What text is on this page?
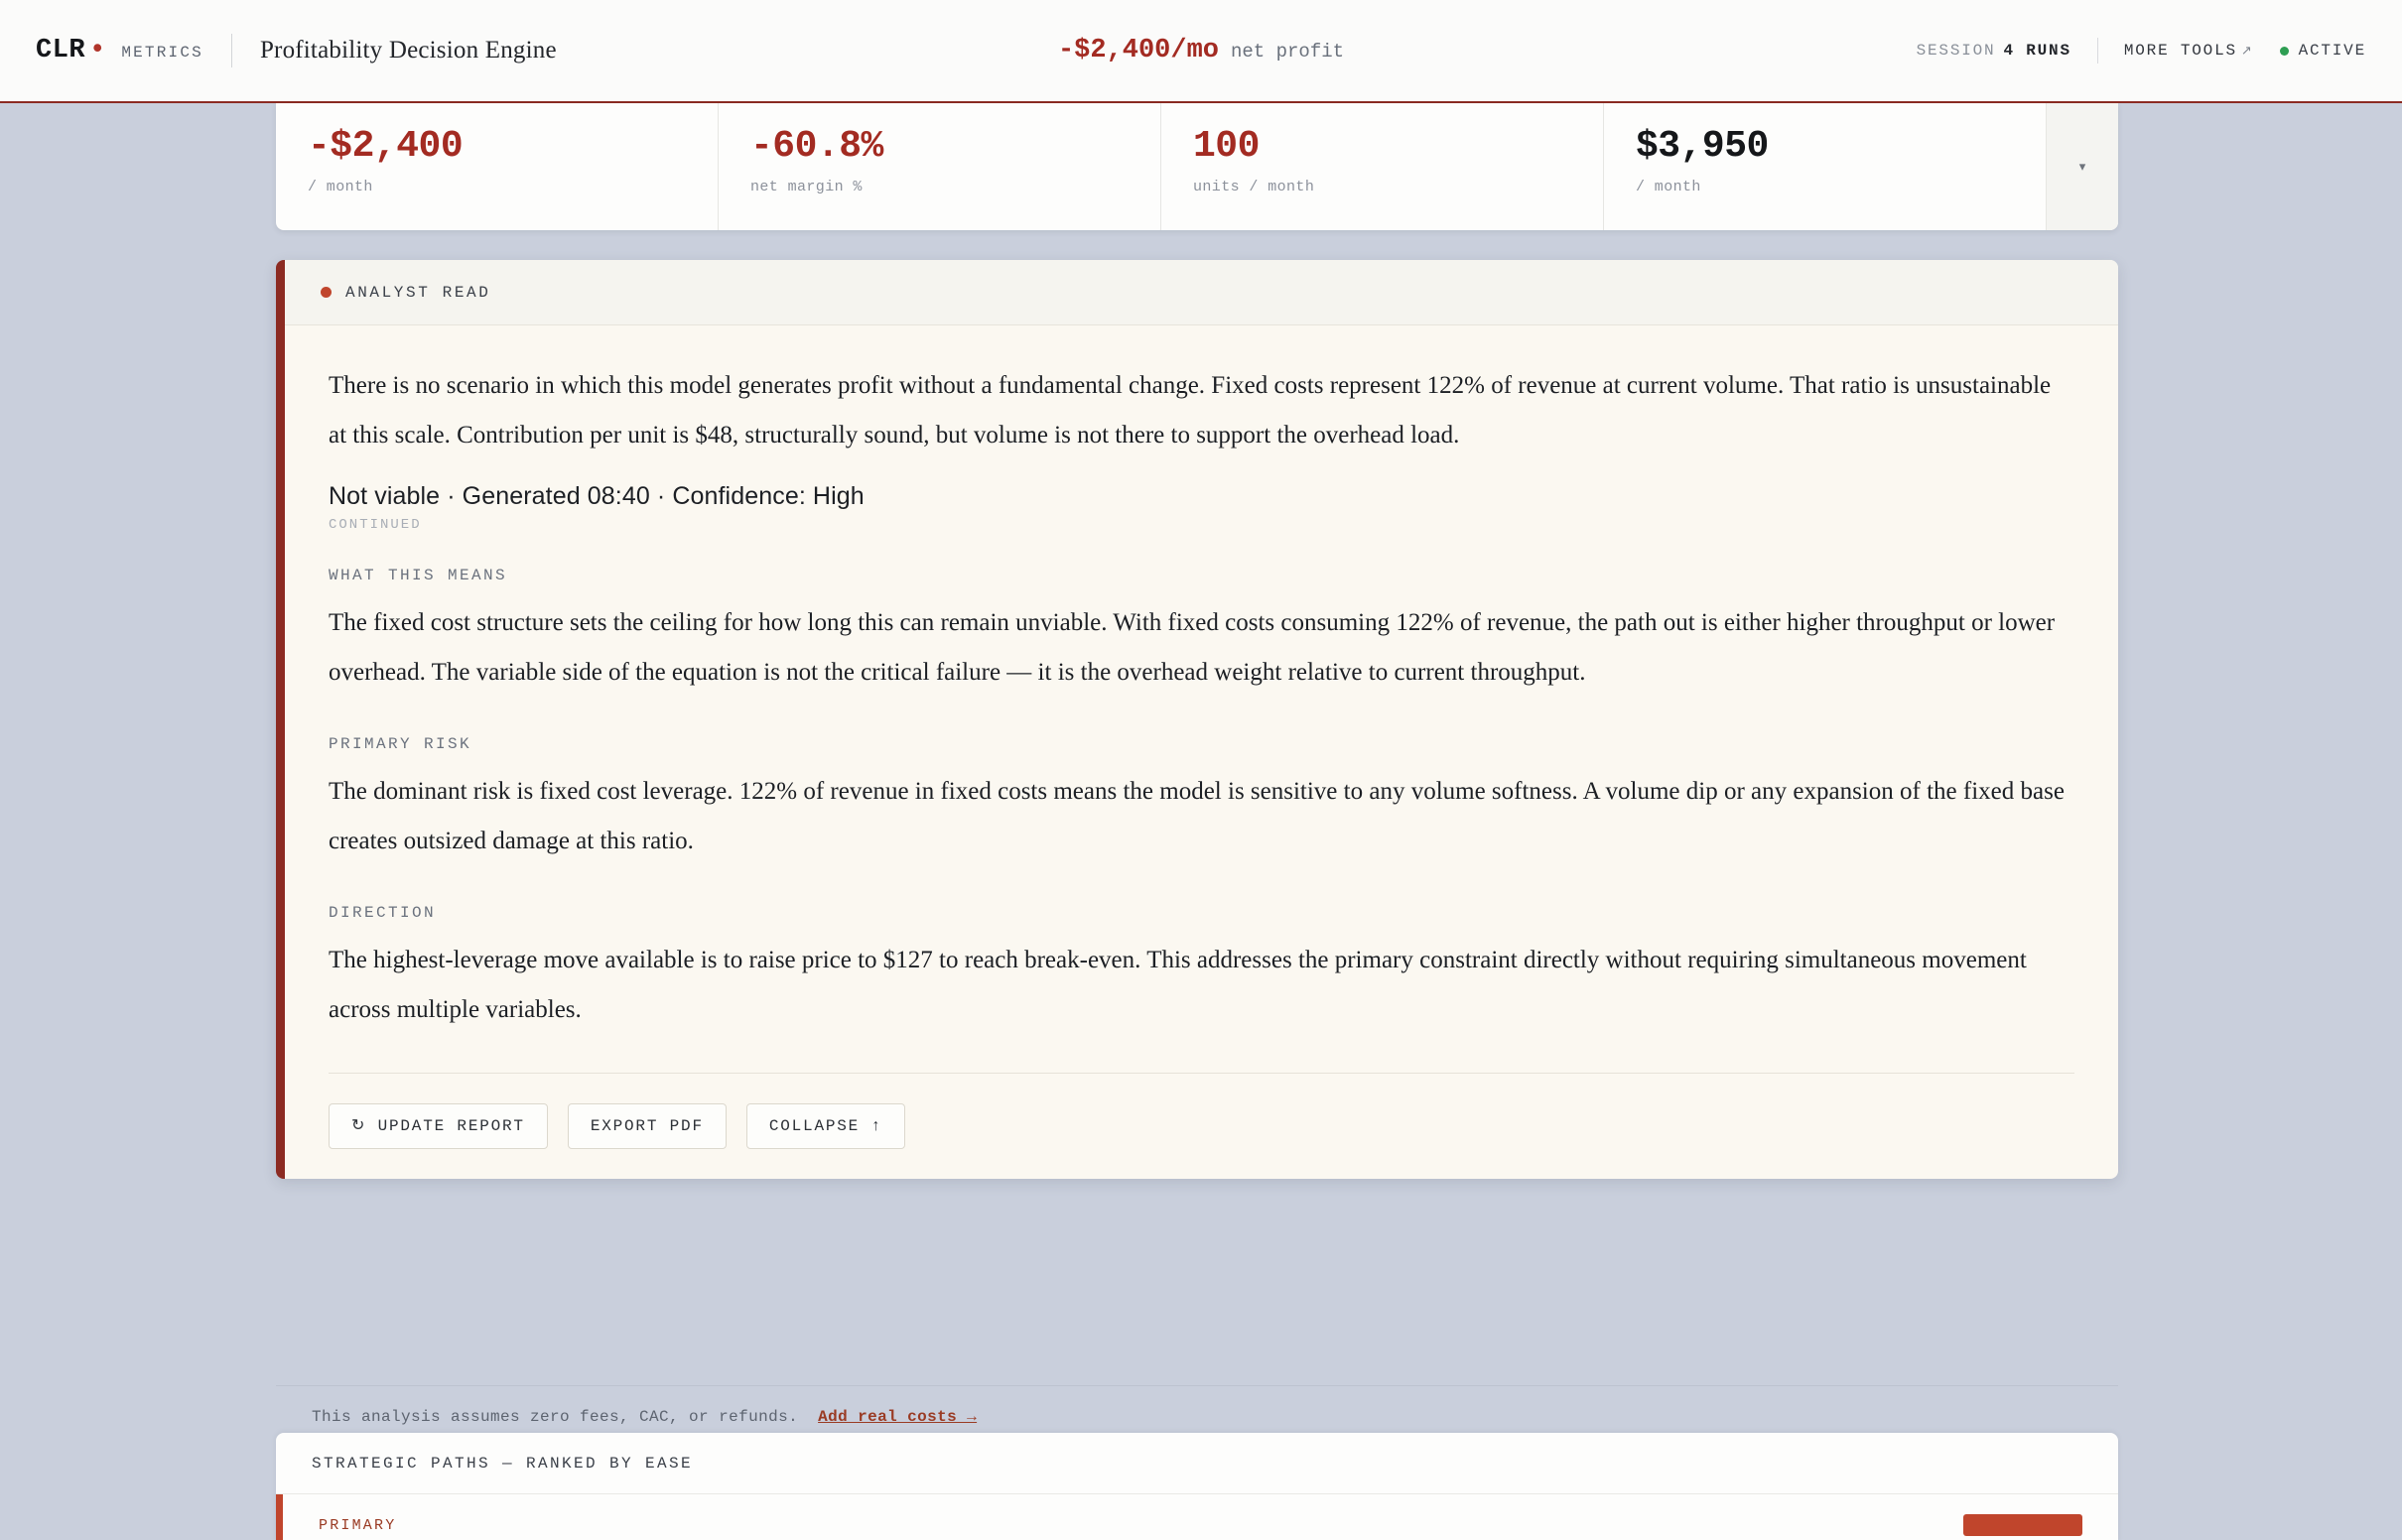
CLR • METRICS Profitability Decision Engine	-$2,400/mo net profit	SESSION 4 RUNS	MORE TOOLS ↗	ACTIVE
-$2,400
/ month
-60.8%
net margin %
100
units / month
$3,950
/ month
▾
ANALYST READ
There is no scenario in which this model generates profit without a fundamental change. Fixed costs represent 122% of revenue at current volume. That ratio is unsustainable at this scale. Contribution per unit is $48, structurally sound, but volume is not there to support the overhead load.
Not viable · Generated 08:40 · Confidence: High
CONTINUED
WHAT THIS MEANS
The fixed cost structure sets the ceiling for how long this can remain unviable. With fixed costs consuming 122% of revenue, the path out is either higher throughput or lower overhead. The variable side of the equation is not the critical failure — it is the overhead weight relative to current throughput.
PRIMARY RISK
The dominant risk is fixed cost leverage. 122% of revenue in fixed costs means the model is sensitive to any volume softness. A volume dip or any expansion of the fixed base creates outsized damage at this ratio.
DIRECTION
The highest-leverage move available is to raise price to $127 to reach break-even. This addresses the primary constraint directly without requiring simultaneous movement across multiple variables.
↻ UPDATE REPORT	EXPORT PDF	COLLAPSE ↑
This analysis assumes zero fees, CAC, or refunds. Add real costs →
STRATEGIC PATHS — RANKED BY EASE
PRIMARY
